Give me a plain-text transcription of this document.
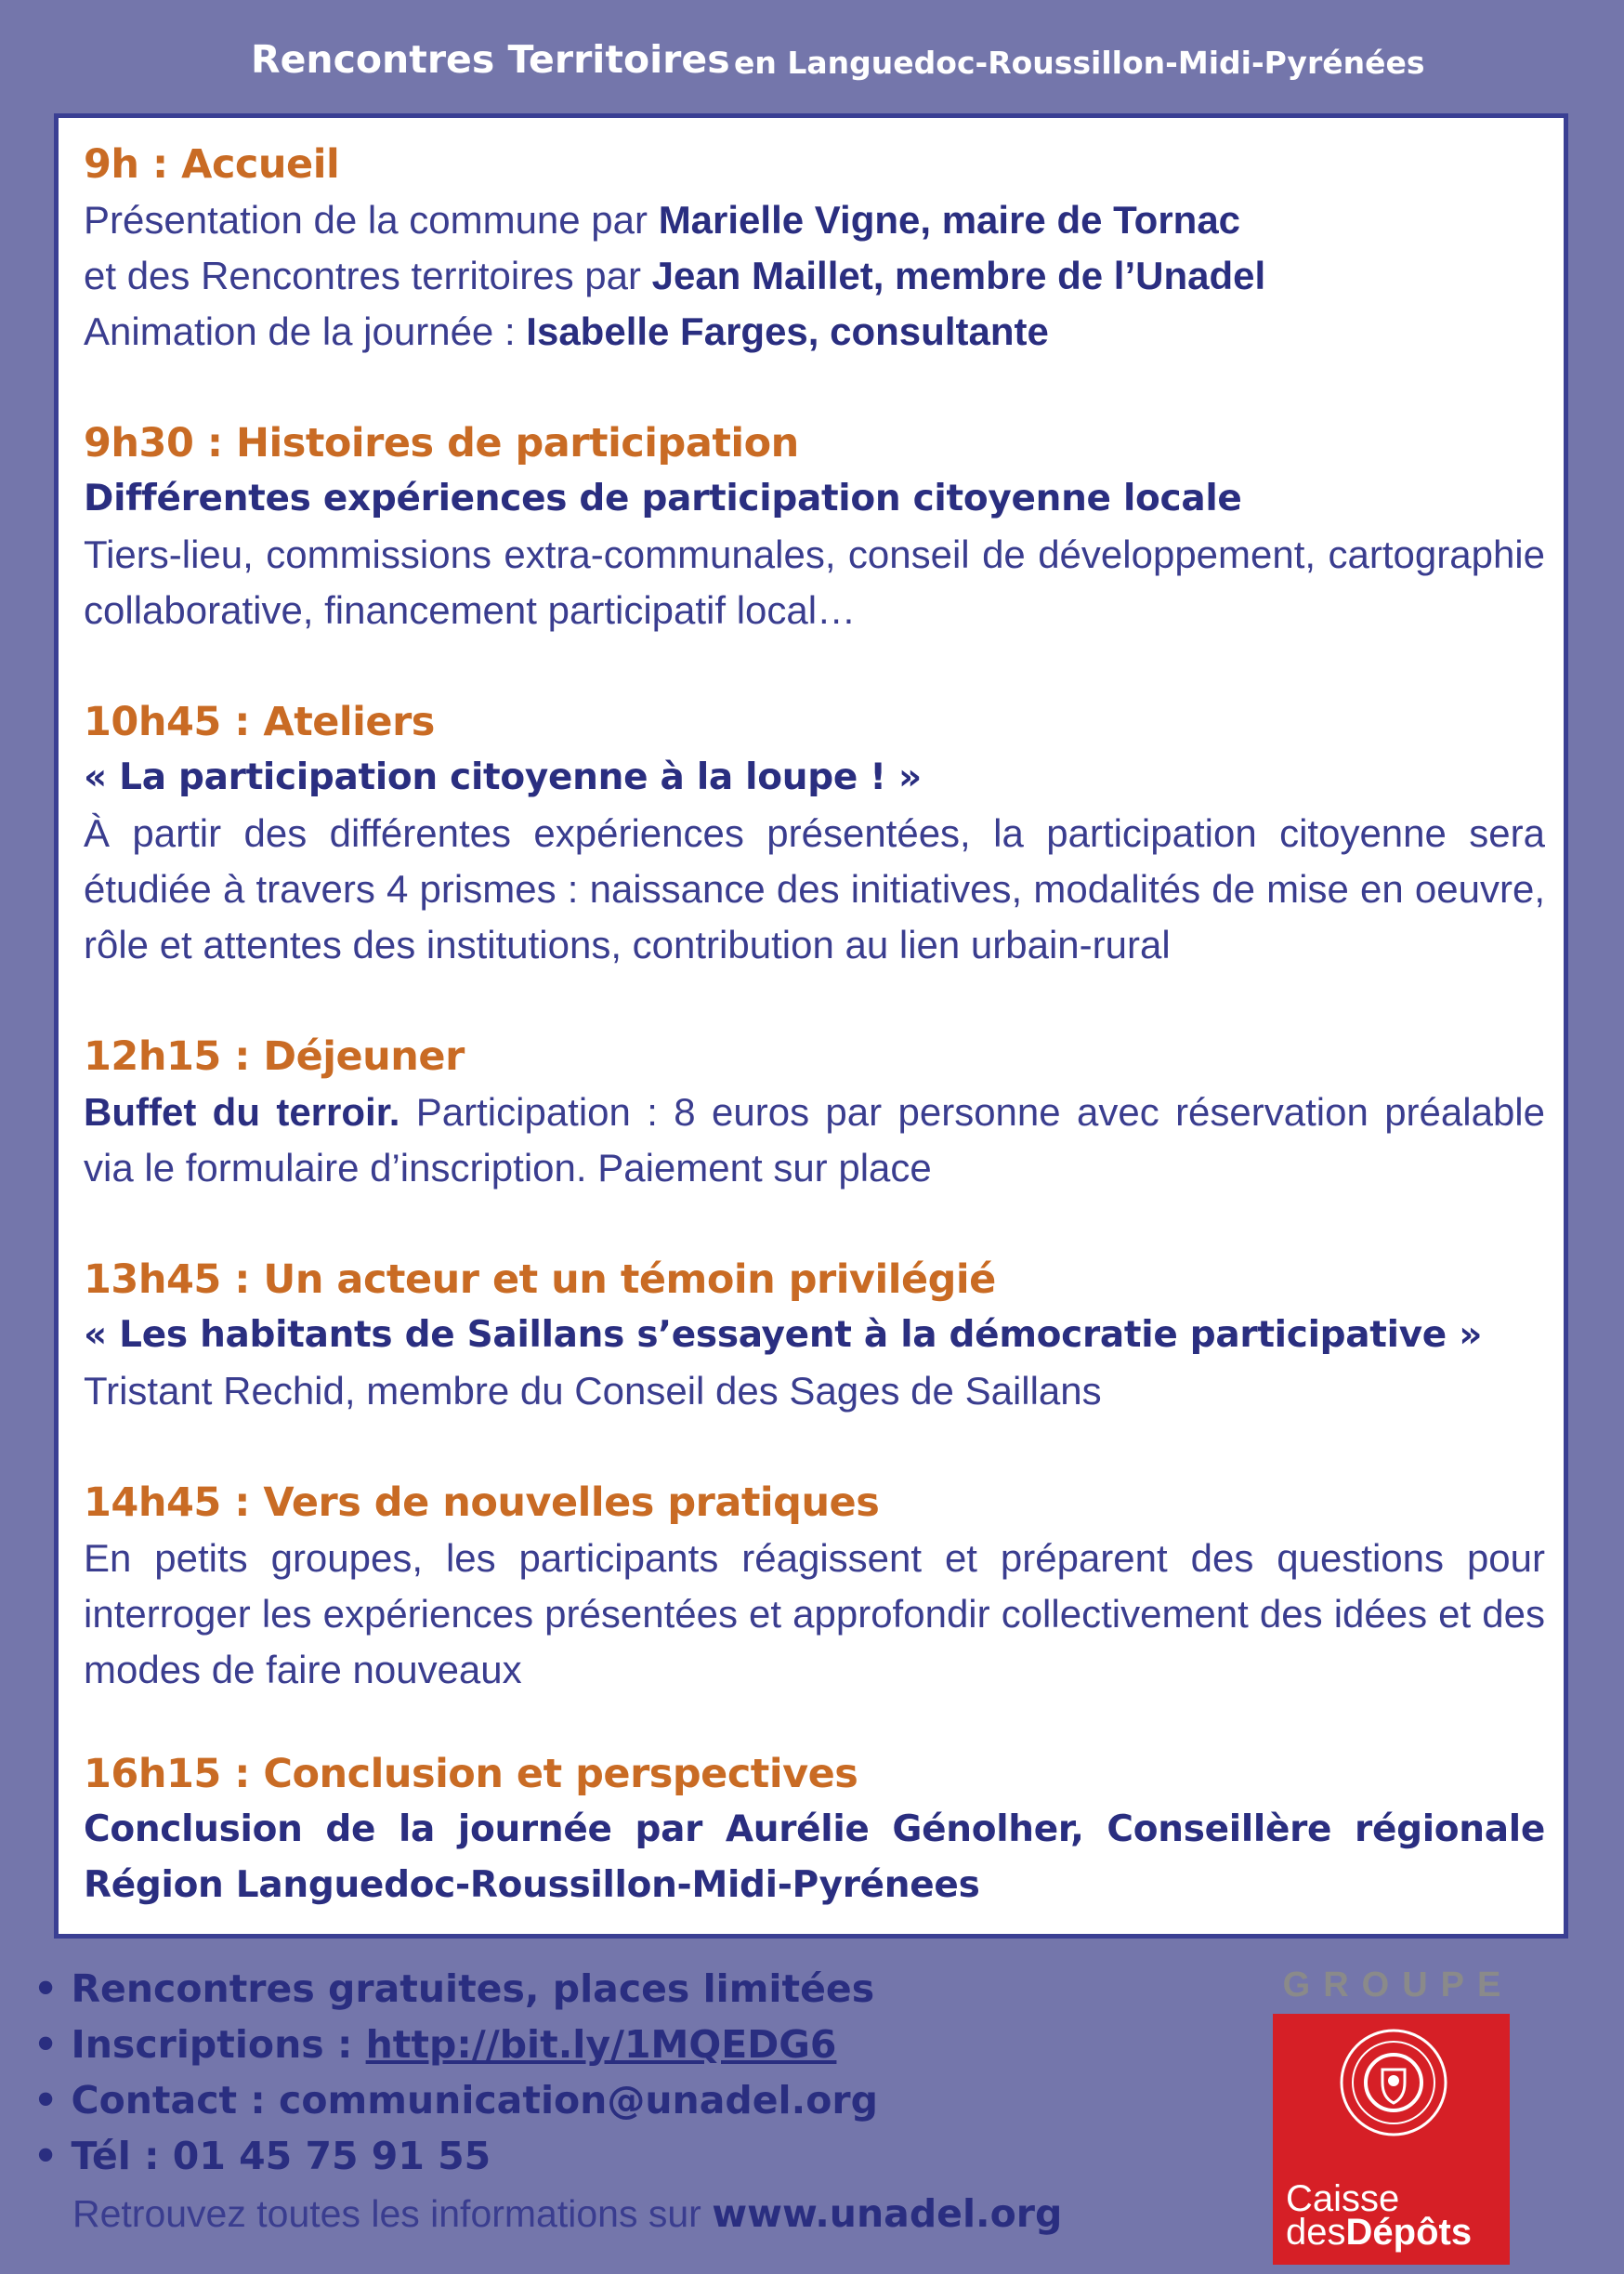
Rencontres Territoires en Languedoc-Roussillon-Midi-Pyrénées

9h : Accueil

Présentation de la commune par Marielle Vigne, maire de Tornac

et des Rencontres territoires par Jean Maillet, membre de l’Unadel

Animation de la journée : Isabelle Farges, consultante

9h30 : Histoires de participation

Différentes expériences de participation citoyenne locale

Tiers-lieu, commissions extra-communales, conseil de développement, cartographie collaborative, financement participatif local…

10h45 : Ateliers

« La participation citoyenne à la loupe ! »

À partir des différentes expériences présentées, la participation citoyenne sera étudiée à travers 4 prismes : naissance des initiatives, modalités de mise en oeuvre, rôle et attentes des institutions, contribution au lien urbain-rural

12h15 : Déjeuner

Buffet du terroir. Participation : 8 euros par personne avec réservation préalable via le formulaire d’inscription. Paiement sur place

13h45 : Un acteur et un témoin privilégié

« Les habitants de Saillans s’essayent à la démocratie participative »

Tristant Rechid, membre du Conseil des Sages de Saillans

14h45 : Vers de nouvelles pratiques

En petits groupes, les participants réagissent et préparent des questions pour interroger les expériences présentées et approfondir collectivement des idées et des modes de faire nouveaux

16h15 : Conclusion et perspectives

Conclusion de la journée par Aurélie Génolher, Conseillère régionale Région Languedoc-Roussillon-Midi-Pyrénees

• Rencontres gratuites, places limitées
• Inscriptions : http://bit.ly/1MQEDG6
• Contact : communication@unadel.org
• Tél : 01 45 75 91 55
Retrouvez toutes les informations sur www.unadel.org
GROUPE
Caisse
desDépôts
